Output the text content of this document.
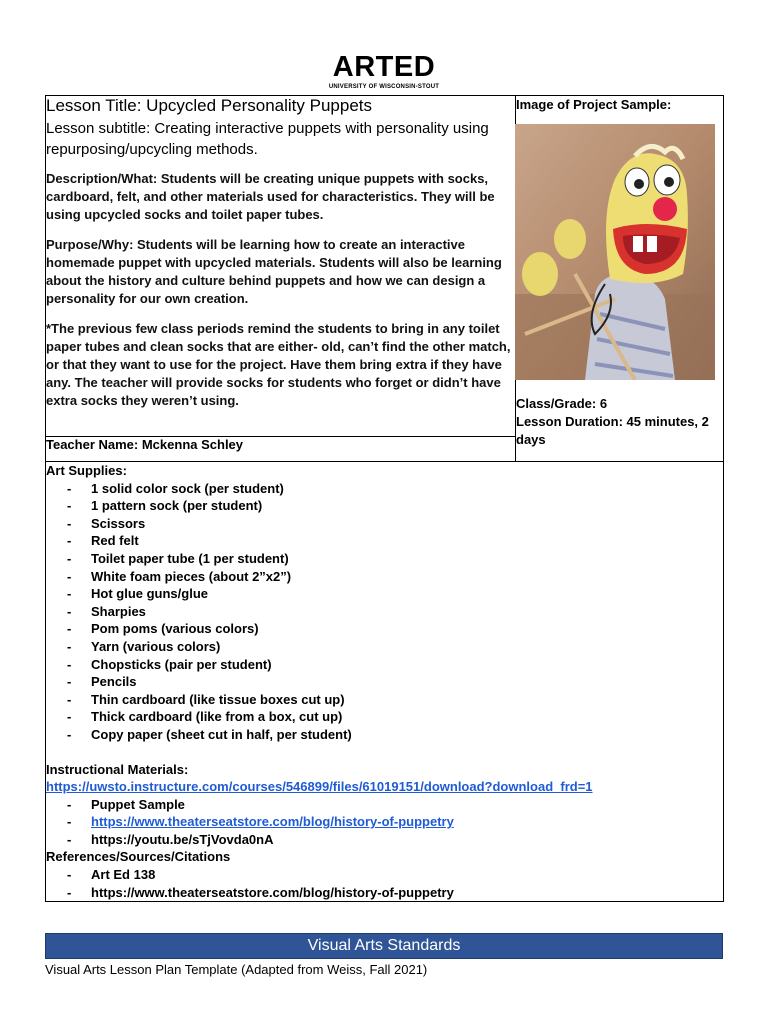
ARTED
UNIVERSITY OF WISCONSIN-STOUT
Lesson Title: Upcycled Personality Puppets
Lesson subtitle: Creating interactive puppets with personality using repurposing/upcycling methods.
Description/What: Students will be creating unique puppets with socks, cardboard, felt, and other materials used for characteristics. They will be using upcycled socks and toilet paper tubes.
Purpose/Why: Students will be learning how to create an interactive homemade puppet with upcycled materials. Students will also be learning about the history and culture behind puppets and how we can design a personality for our own creation.
*The previous few class periods remind the students to bring in any toilet paper tubes and clean socks that are either- old, can’t find the other match, or that they want to use for the project. Have them bring extra if they have any. The teacher will provide socks for students who forget or didn’t have extra socks they weren’t using.

Image of Project Sample:
Class/Grade: 6
Lesson Duration: 45 minutes, 2 days

Teacher Name: Mckenna Schley

Art Supplies:
- 1 solid color sock (per student)
- 1 pattern sock (per student)
- Scissors
- Red felt
- Toilet paper tube (1 per student)
- White foam pieces (about 2”x2”)
- Hot glue guns/glue
- Sharpies
- Pom poms (various colors)
- Yarn (various colors)
- Chopsticks (pair per student)
- Pencils
- Thin cardboard (like tissue boxes cut up)
- Thick cardboard (like from a box, cut up)
- Copy paper (sheet cut in half, per student)
Instructional Materials:
https://uwsto.instructure.com/courses/546899/files/61019151/download?download_frd=1
- Puppet Sample
- https://www.theaterseatstore.com/blog/history-of-puppetry
- https://youtu.be/sTjVovda0nA
References/Sources/Citations
- Art Ed 138
- https://www.theaterseatstore.com/blog/history-of-puppetry
Visual Arts Standards
Visual Arts Lesson Plan Template (Adapted from Weiss, Fall 2021)
